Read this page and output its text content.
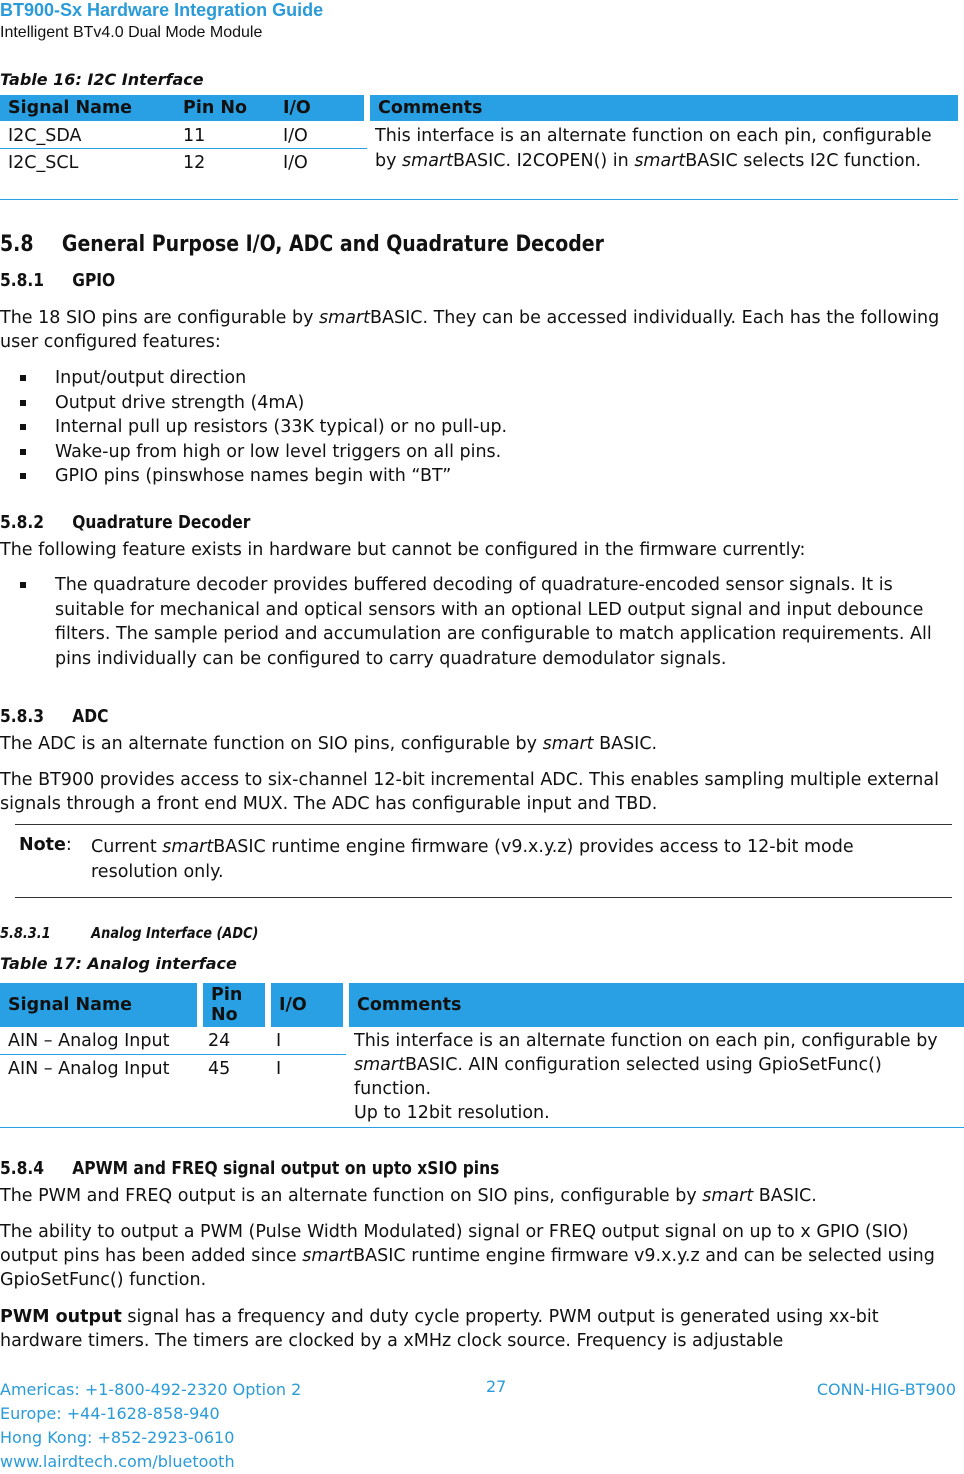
BT900-Sx Hardware Integration Guide
Intelligent BTv4.0 Dual Mode Module
Table 16: I2C Interface
Signal Name	Pin No	I/O	Comments
I2C_SDA	11	I/O	This interface is an alternate function on each pin, configurable by smartBASIC. I2COPEN() in smartBASIC selects I2C function.
I2C_SCL	12	I/O	
5.8 General Purpose I/O, ADC and Quadrature Decoder
5.8.1 GPIO
The 18 SIO pins are configurable by smartBASIC. They can be accessed individually. Each has the following user configured features:
Input/output direction
Output drive strength (4mA)
Internal pull up resistors (33K typical) or no pull-up.
Wake-up from high or low level triggers on all pins.
GPIO pins (pinswhose names begin with “BT”
5.8.2 Quadrature Decoder
The following feature exists in hardware but cannot be configured in the firmware currently:
The quadrature decoder provides buffered decoding of quadrature-encoded sensor signals. It is suitable for mechanical and optical sensors with an optional LED output signal and input debounce filters. The sample period and accumulation are configurable to match application requirements. All pins individually can be configured to carry quadrature demodulator signals.
5.8.3 ADC
The ADC is an alternate function on SIO pins, configurable by smart BASIC.
The BT900 provides access to six-channel 12-bit incremental ADC. This enables sampling multiple external signals through a front end MUX. The ADC has configurable input and TBD.
Note: Current smartBASIC runtime engine firmware (v9.x.y.z) provides access to 12-bit mode resolution only.
5.8.3.1	Analog Interface (ADC)
Table 17: Analog interface
Signal Name	Pin No	I/O	Comments
AIN – Analog Input	24	I	This interface is an alternate function on each pin, configurable by smartBASIC. AIN configuration selected using GpioSetFunc() function.
Up to 12bit resolution.
AIN – Analog Input	45	I	
5.8.4 APWM and FREQ signal output on upto xSIO pins
The PWM and FREQ output is an alternate function on SIO pins, configurable by smart BASIC.
The ability to output a PWM (Pulse Width Modulated) signal or FREQ output signal on up to x GPIO (SIO) output pins has been added since smartBASIC runtime engine firmware v9.x.y.z and can be selected using GpioSetFunc() function.
PWM output signal has a frequency and duty cycle property. PWM output is generated using xx-bit hardware timers. The timers are clocked by a xMHz clock source. Frequency is adjustable
Americas: +1-800-492-2320 Option 2
Europe: +44-1628-858-940
Hong Kong: +852-2923-0610
www.lairdtech.com/bluetooth
27	CONN-HIG-BT900
